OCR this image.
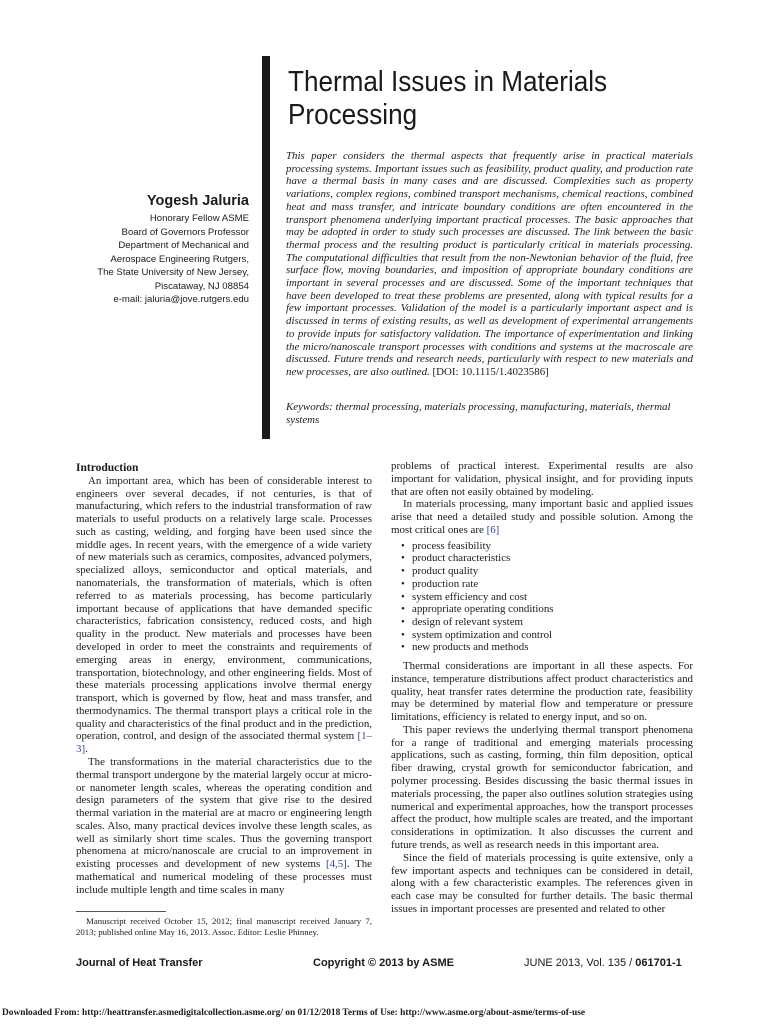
Thermal Issues in Materials
Processing
Yogesh Jaluria
Honorary Fellow ASME
Board of Governors Professor
Department of Mechanical and
Aerospace Engineering Rutgers,
The State University of New Jersey,
Piscataway, NJ 08854
e-mail: jaluria@jove.rutgers.edu
This paper considers the thermal aspects that frequently arise in practical materials processing systems. Important issues such as feasibility, product quality, and production rate have a thermal basis in many cases and are discussed. Complexities such as property variations, complex regions, combined transport mechanisms, chemical reactions, combined heat and mass transfer, and intricate boundary conditions are often encountered in the transport phenomena underlying important practical processes. The basic approaches that may be adopted in order to study such processes are discussed. The link between the basic thermal process and the resulting product is particularly critical in materials processing. The computational difficulties that result from the non-Newtonian behavior of the fluid, free surface flow, moving boundaries, and imposition of appropriate boundary conditions are important in several processes and are discussed. Some of the important techniques that have been developed to treat these problems are presented, along with typical results for a few important processes. Validation of the model is a particularly important aspect and is discussed in terms of existing results, as well as development of experimental arrangements to provide inputs for satisfactory validation. The importance of experimentation and linking the micro/nanoscale transport processes with conditions and systems at the macroscale are discussed. Future trends and research needs, particularly with respect to new materials and new processes, are also outlined. [DOI: 10.1115/1.4023586]
Keywords: thermal processing, materials processing, manufacturing, materials, thermal systems

Introduction

An important area, which has been of considerable interest to engineers over several decades, if not centuries, is that of manufacturing, which refers to the industrial transformation of raw materials to useful products on a relatively large scale. Processes such as casting, welding, and forging have been used since the middle ages. In recent years, with the emergence of a wide variety of new materials such as ceramics, composites, advanced polymers, specialized alloys, semiconductor and optical materials, and nanomaterials, the transformation of materials, which is often referred to as materials processing, has become particularly important because of applications that have demanded specific characteristics, fabrication consistency, reduced costs, and high quality in the product. New materials and processes have been developed in order to meet the constraints and requirements of emerging areas in energy, environment, communications, transportation, biotechnology, and other engineering fields. Most of these materials processing applications involve thermal energy transport, which is governed by flow, heat and mass transfer, and thermodynamics. The thermal transport plays a critical role in the quality and characteristics of the final product and in the prediction, operation, control, and design of the associated thermal system [1–3].

The transformations in the material characteristics due to the thermal transport undergone by the material largely occur at micro- or nanometer length scales, whereas the operating condition and design parameters of the system that give rise to the desired thermal variation in the material are at macro or engineering length scales. Also, many practical devices involve these length scales, as well as similarly short time scales. Thus the governing transport phenomena at micro/nanoscale are crucial to an improvement in existing processes and development of new systems [4,5]. The mathematical and numerical modeling of these processes must include multiple length and time scales in many

problems of practical interest. Experimental results are also important for validation, physical insight, and for providing inputs that are often not easily obtained by modeling.

In materials processing, many important basic and applied issues arise that need a detailed study and possible solution. Among the most critical ones are [6]

• process feasibility
• product characteristics
• product quality
• production rate
• system efficiency and cost
• appropriate operating conditions
• design of relevant system
• system optimization and control
• new products and methods

Thermal considerations are important in all these aspects. For instance, temperature distributions affect product characteristics and quality, heat transfer rates determine the production rate, feasibility may be determined by material flow and temperature or pressure limitations, efficiency is related to energy input, and so on.

This paper reviews the underlying thermal transport phenomena for a range of traditional and emerging materials processing applications, such as casting, forming, thin film deposition, optical fiber drawing, crystal growth for semiconductor fabrication, and polymer processing. Besides discussing the basic thermal issues in materials processing, the paper also outlines solution strategies using numerical and experimental approaches, how the transport processes affect the product, how multiple scales are treated, and the important considerations in optimization. It also discusses the current and future trends, as well as research needs in this important area.

Since the field of materials processing is quite extensive, only a few important aspects and techniques can be considered in detail, along with a few characteristic examples. The references given in each case may be consulted for further details. The basic thermal issues in important processes are presented and related to other

Manuscript received October 15, 2012; final manuscript received January 7, 2013; published online May 16, 2013. Assoc. Editor: Leslie Phinney.
Journal of Heat Transfer	Copyright © 2013 by ASME	JUNE 2013, Vol. 135 / 061701-1
Downloaded From: http://heattransfer.asmedigitalcollection.asme.org/ on 01/12/2018 Terms of Use: http://www.asme.org/about-asme/terms-of-use
